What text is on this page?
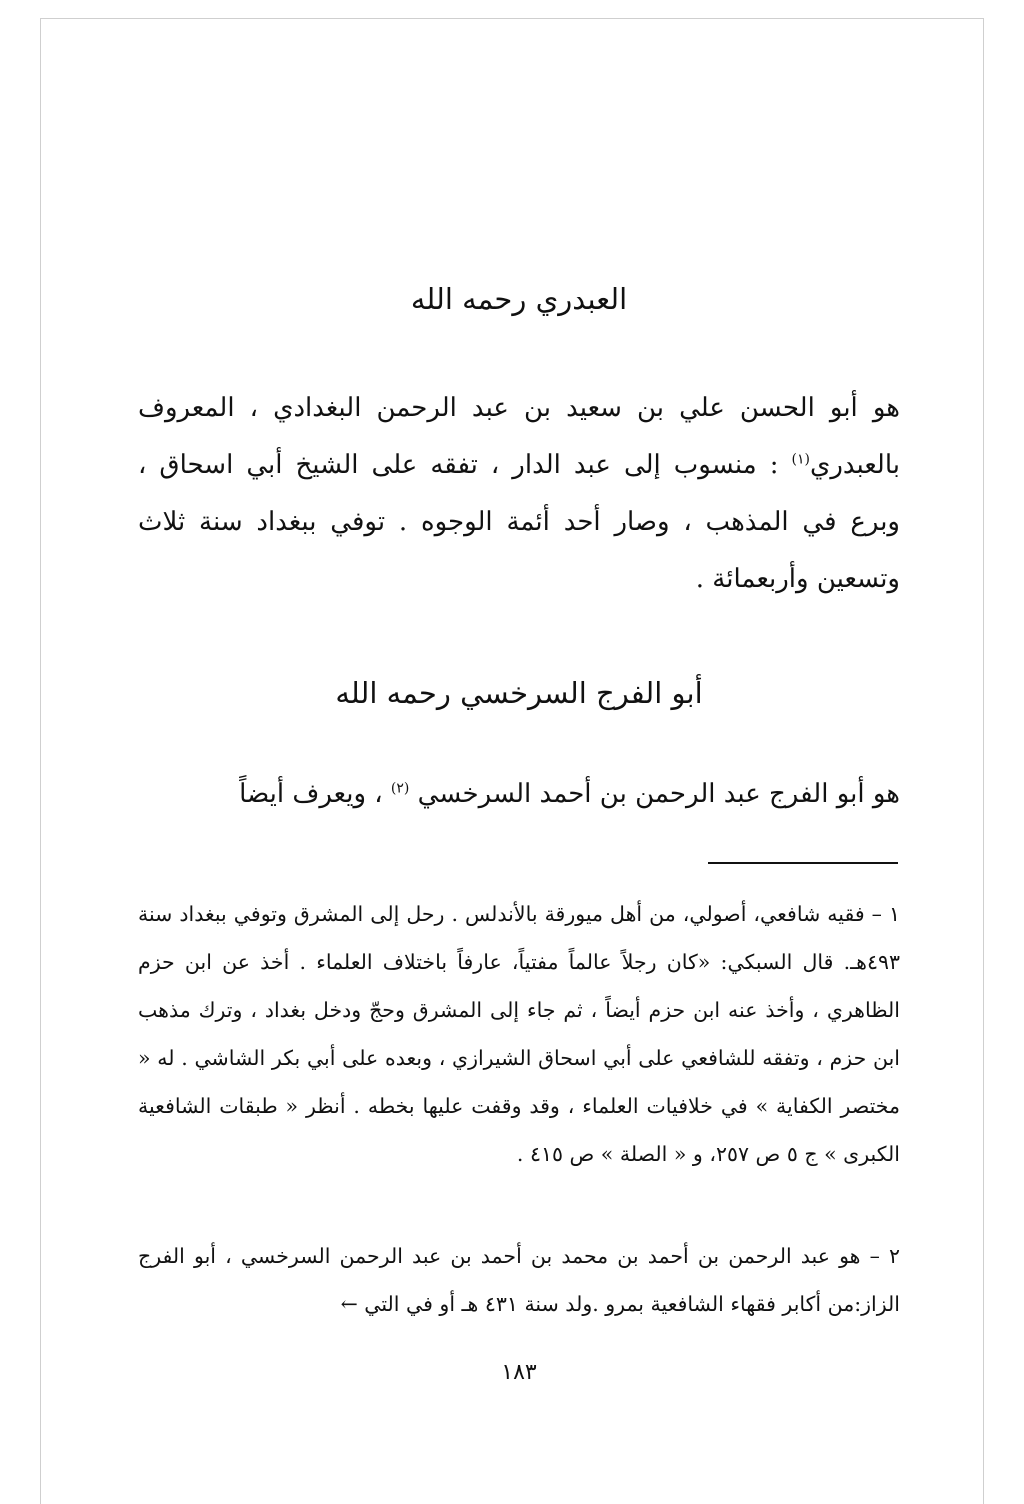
العبدري رحمه الله
هو أبو الحسن علي بن سعيد بن عبد الرحمن البغدادي ، المعروف بالعبدري$^{(١)}$ : منسوب إلى عبد الدار ، تفقه على الشيخ أبي اسحاق ، وبرع في المذهب ، وصار أحد أئمة الوجوه . توفي ببغداد سنة ثلاث وتسعين وأربعمائة .
أبو الفرج السرخسي رحمه الله
هو أبو الفرج عبد الرحمن بن أحمد السرخسي $^{(٢)}$ ، ويعرف أيضاً
١ – فقيه شافعي، أصولي، من أهل ميورقة بالأندلس . رحل إلى المشرق وتوفي ببغداد سنة ٤٩٣هـ. قال السبكي: «كان رجلاً عالماً مفتياً، عارفاً باختلاف العلماء . أخذ عن ابن حزم الظاهري ، وأخذ عنه ابن حزم أيضاً ، ثم جاء إلى المشرق وحجّ ودخل بغداد ، وترك مذهب ابن حزم ، وتفقه للشافعي على أبي اسحاق الشيرازي ، وبعده على أبي بكر الشاشي . له « مختصر الكفاية » في خلافيات العلماء ، وقد وقفت عليها بخطه . أنظر « طبقات الشافعية الكبرى » ج ٥ ص ٢٥٧، و « الصلة » ص ٤١٥ .
٢ – هو عبد الرحمن بن أحمد بن محمد بن أحمد بن عبد الرحمن السرخسي ، أبو الفرج الزاز:من أكابر فقهاء الشافعية بمرو .ولد سنة ٤٣١ هـ أو في التي ←
١٨٣
